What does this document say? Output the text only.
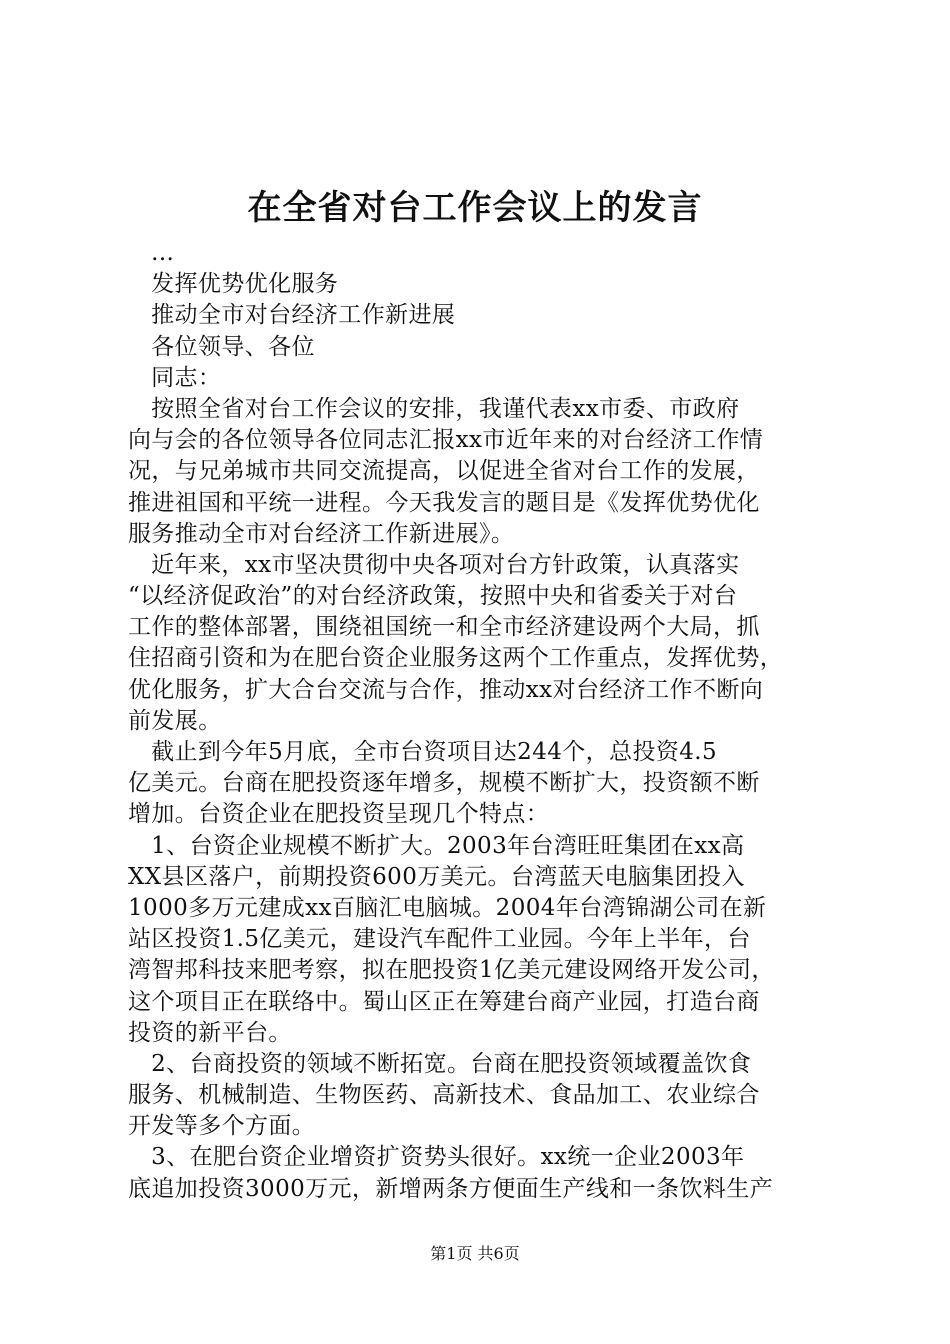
在全省对台工作会议上的发言
...
发挥优势优化服务
推动全市对台经济工作新进展
各位领导、各位
同志：
按照全省对台工作会议的安排，我谨代表xx市委、市政府
向与会的各位领导各位同志汇报xx市近年来的对台经济工作情
况，与兄弟城市共同交流提高，以促进全省对台工作的发展，
推进祖国和平统一进程。今天我发言的题目是《发挥优势优化
服务推动全市对台经济工作新进展》。
近年来，xx市坚决贯彻中央各项对台方针政策，认真落实
“以经济促政治”的对台经济政策，按照中央和省委关于对台
工作的整体部署，围绕祖国统一和全市经济建设两个大局，抓
住招商引资和为在肥台资企业服务这两个工作重点，发挥优势，
优化服务，扩大合台交流与合作，推动xx对台经济工作不断向
前发展。
截止到今年5月底，全市台资项目达244个，总投资4.5
亿美元。台商在肥投资逐年增多，规模不断扩大，投资额不断
增加。台资企业在肥投资呈现几个特点：
1、台资企业规模不断扩大。2003年台湾旺旺集团在xx高
XX县区落户，前期投资600万美元。台湾蓝天电脑集团投入
1000多万元建成xx百脑汇电脑城。2004年台湾锦湖公司在新
站区投资1.5亿美元，建设汽车配件工业园。今年上半年，台
湾智邦科技来肥考察，拟在肥投资1亿美元建设网络开发公司，
这个项目正在联络中。蜀山区正在筹建台商产业园，打造台商
投资的新平台。
2、台商投资的领域不断拓宽。台商在肥投资领域覆盖饮食
服务、机械制造、生物医药、高新技术、食品加工、农业综合
开发等多个方面。
3、在肥台资企业增资扩资势头很好。xx统一企业2003年
底追加投资3000万元，新增两条方便面生产线和一条饮料生产
第1页 共6页
